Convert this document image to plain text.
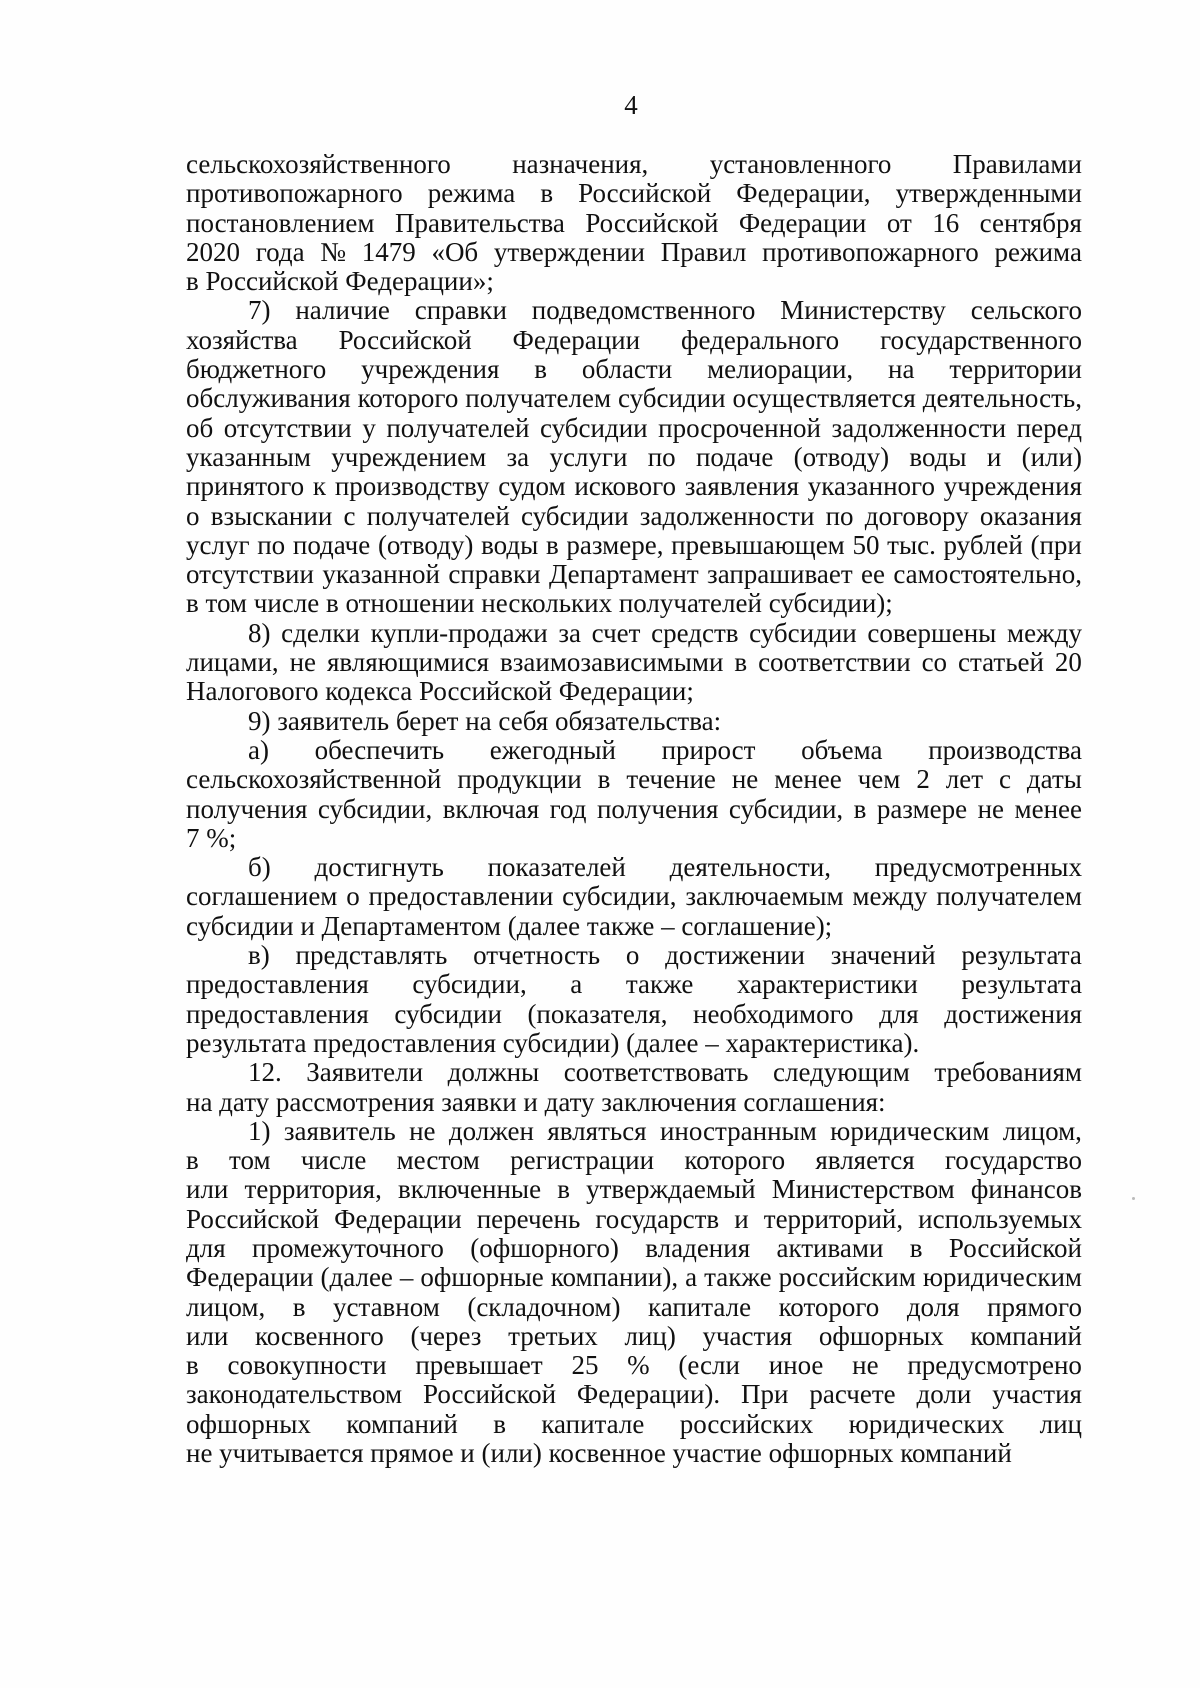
4
сельскохозяйственного назначения, установленного Правилами
противопожарного режима в Российской Федерации, утвержденными
постановлением Правительства Российской Федерации от 16 сентября
2020 года № 1479 «Об утверждении Правил противопожарного режима
в Российской Федерации»;
7) наличие справки подведомственного Министерству сельского
хозяйства Российской Федерации федерального государственного
бюджетного учреждения в области мелиорации, на территории
обслуживания которого получателем субсидии осуществляется деятельность,
об отсутствии у получателей субсидии просроченной задолженности перед
указанным учреждением за услуги по подаче (отводу) воды и (или)
принятого к производству судом искового заявления указанного учреждения
о взыскании с получателей субсидии задолженности по договору оказания
услуг по подаче (отводу) воды в размере, превышающем 50 тыс. рублей (при
отсутствии указанной справки Департамент запрашивает ее самостоятельно,
в том числе в отношении нескольких получателей субсидии);
8) сделки купли-продажи за счет средств субсидии совершены между
лицами, не являющимися взаимозависимыми в соответствии со статьей 20
Налогового кодекса Российской Федерации;
9) заявитель берет на себя обязательства:
а) обеспечить ежегодный прирост объема производства
сельскохозяйственной продукции в течение не менее чем 2 лет с даты
получения субсидии, включая год получения субсидии, в размере не менее
7 %;
б) достигнуть показателей деятельности, предусмотренных
соглашением о предоставлении субсидии, заключаемым между получателем
субсидии и Департаментом (далее также – соглашение);
в) представлять отчетность о достижении значений результата
предоставления субсидии, а также характеристики результата
предоставления субсидии (показателя, необходимого для достижения
результата предоставления субсидии) (далее – характеристика).
12. Заявители должны соответствовать следующим требованиям
на дату рассмотрения заявки и дату заключения соглашения:
1) заявитель не должен являться иностранным юридическим лицом,
в том числе местом регистрации которого является государство
или территория, включенные в утверждаемый Министерством финансов
Российской Федерации перечень государств и территорий, используемых
для промежуточного (офшорного) владения активами в Российской
Федерации (далее – офшорные компании), а также российским юридическим
лицом, в уставном (складочном) капитале которого доля прямого
или косвенного (через третьих лиц) участия офшорных компаний
в совокупности превышает 25 % (если иное не предусмотрено
законодательством Российской Федерации). При расчете доли участия
офшорных компаний в капитале российских юридических лиц
не учитывается прямое и (или) косвенное участие офшорных компаний
